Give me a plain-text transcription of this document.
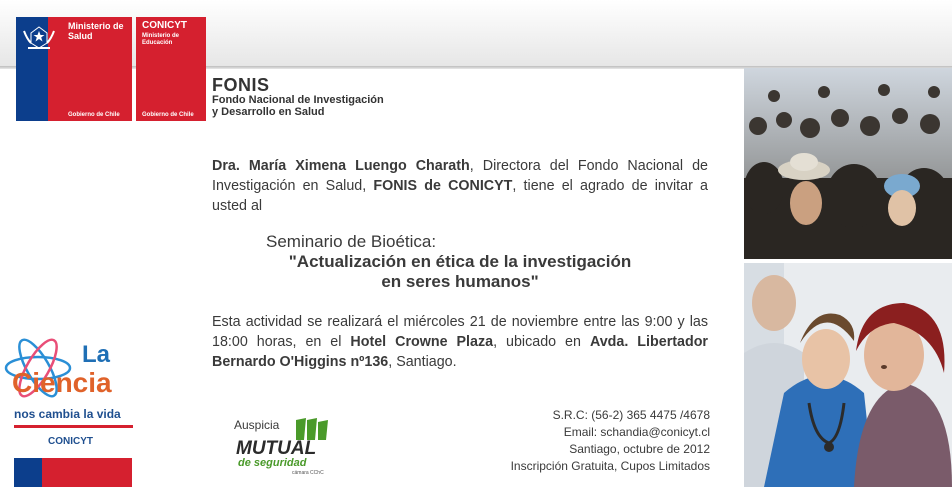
Ministerio de
Salud
Gobierno de Chile
CONICYT
Ministerio de
Educación
Gobierno de Chile
FONIS
Fondo Nacional de Investigación
y Desarrollo en Salud
Dra. María Ximena Luengo Charath, Directora del Fondo Nacional de Investigación en Salud, FONIS de CONICYT, tiene el agrado de invitar a usted al
Seminario de Bioética:
"Actualización en ética de la investigación
en seres humanos"
Esta actividad se realizará el miércoles 21 de noviembre entre las 9:00 y las 18:00 horas, en el Hotel Crowne Plaza, ubicado en Avda. Libertador Bernardo O'Higgins nº136, Santiago.
Auspicia
MUTUAL
de seguridad
cámara CChC
S.R.C: (56-2) 365 4475 /4678
Email: schandia@conicyt.cl
Santiago, octubre de 2012
Inscripción Gratuita, Cupos Limitados
La
Ciencia
nos cambia la vida
CONICYT
